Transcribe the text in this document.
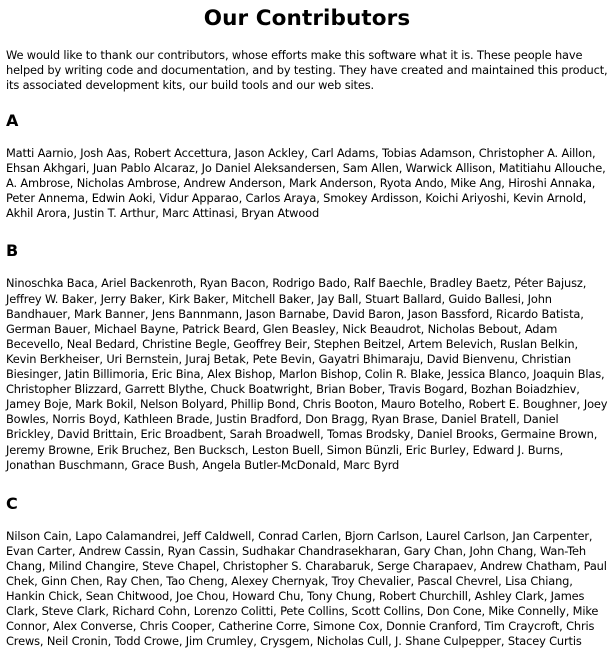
Our Contributors

We would like to thank our contributors, whose efforts make this software what it is. These people have helped by writing code and documentation, and by testing. They have created and maintained this product, its associated development kits, our build tools and our web sites.

A

Matti Aarnio, Josh Aas, Robert Accettura, Jason Ackley, Carl Adams, Tobias Adamson, Christopher A. Aillon, Ehsan Akhgari, Juan Pablo Alcaraz, Jo Daniel Aleksandersen, Sam Allen, Warwick Allison, Matitiahu Allouche, A. Ambrose, Nicholas Ambrose, Andrew Anderson, Mark Anderson, Ryota Ando, Mike Ang, Hiroshi Annaka, Peter Annema, Edwin Aoki, Vidur Apparao, Carlos Araya, Smokey Ardisson, Koichi Ariyoshi, Kevin Arnold, Akhil Arora, Justin T. Arthur, Marc Attinasi, Bryan Atwood

B

Ninoschka Baca, Ariel Backenroth, Ryan Bacon, Rodrigo Bado, Ralf Baechle, Bradley Baetz, Péter Bajusz, Jeffrey W. Baker, Jerry Baker, Kirk Baker, Mitchell Baker, Jay Ball, Stuart Ballard, Guido Ballesi, John Bandhauer, Mark Banner, Jens Bannmann, Jason Barnabe, David Baron, Jason Bassford, Ricardo Batista, German Bauer, Michael Bayne, Patrick Beard, Glen Beasley, Nick Beaudrot, Nicholas Bebout, Adam Becevello, Neal Bedard, Christine Begle, Geoffrey Beir, Stephen Beitzel, Artem Belevich, Ruslan Belkin, Kevin Berkheiser, Uri Bernstein, Juraj Betak, Pete Bevin, Gayatri Bhimaraju, David Bienvenu, Christian Biesinger, Jatin Billimoria, Eric Bina, Alex Bishop, Marlon Bishop, Colin R. Blake, Jessica Blanco, Joaquin Blas, Christopher Blizzard, Garrett Blythe, Chuck Boatwright, Brian Bober, Travis Bogard, Bozhan Boiadzhiev, Jamey Boje, Mark Bokil, Nelson Bolyard, Phillip Bond, Chris Booton, Mauro Botelho, Robert E. Boughner, Joey Bowles, Norris Boyd, Kathleen Brade, Justin Bradford, Don Bragg, Ryan Brase, Daniel Bratell, Daniel Brickley, David Brittain, Eric Broadbent, Sarah Broadwell, Tomas Brodsky, Daniel Brooks, Germaine Brown, Jeremy Browne, Erik Bruchez, Ben Bucksch, Leston Buell, Simon Bünzli, Eric Burley, Edward J. Burns, Jonathan Buschmann, Grace Bush, Angela Butler-McDonald, Marc Byrd

C

Nilson Cain, Lapo Calamandrei, Jeff Caldwell, Conrad Carlen, Bjorn Carlson, Laurel Carlson, Jan Carpenter, Evan Carter, Andrew Cassin, Ryan Cassin, Sudhakar Chandrasekharan, Gary Chan, John Chang, Wan-Teh Chang, Milind Changire, Steve Chapel, Christopher S. Charabaruk, Serge Charapaev, Andrew Chatham, Paul Chek, Ginn Chen, Ray Chen, Tao Cheng, Alexey Chernyak, Troy Chevalier, Pascal Chevrel, Lisa Chiang, Hankin Chick, Sean Chitwood, Joe Chou, Howard Chu, Tony Chung, Robert Churchill, Ashley Clark, James Clark, Steve Clark, Richard Cohn, Lorenzo Colitti, Pete Collins, Scott Collins, Don Cone, Mike Connelly, Mike Connor, Alex Converse, Chris Cooper, Catherine Corre, Simone Cox, Donnie Cranford, Tim Craycroft, Chris Crews, Neil Cronin, Todd Crowe, Jim Crumley, Crysgem, Nicholas Cull, J. Shane Culpepper, Stacey Curtis
